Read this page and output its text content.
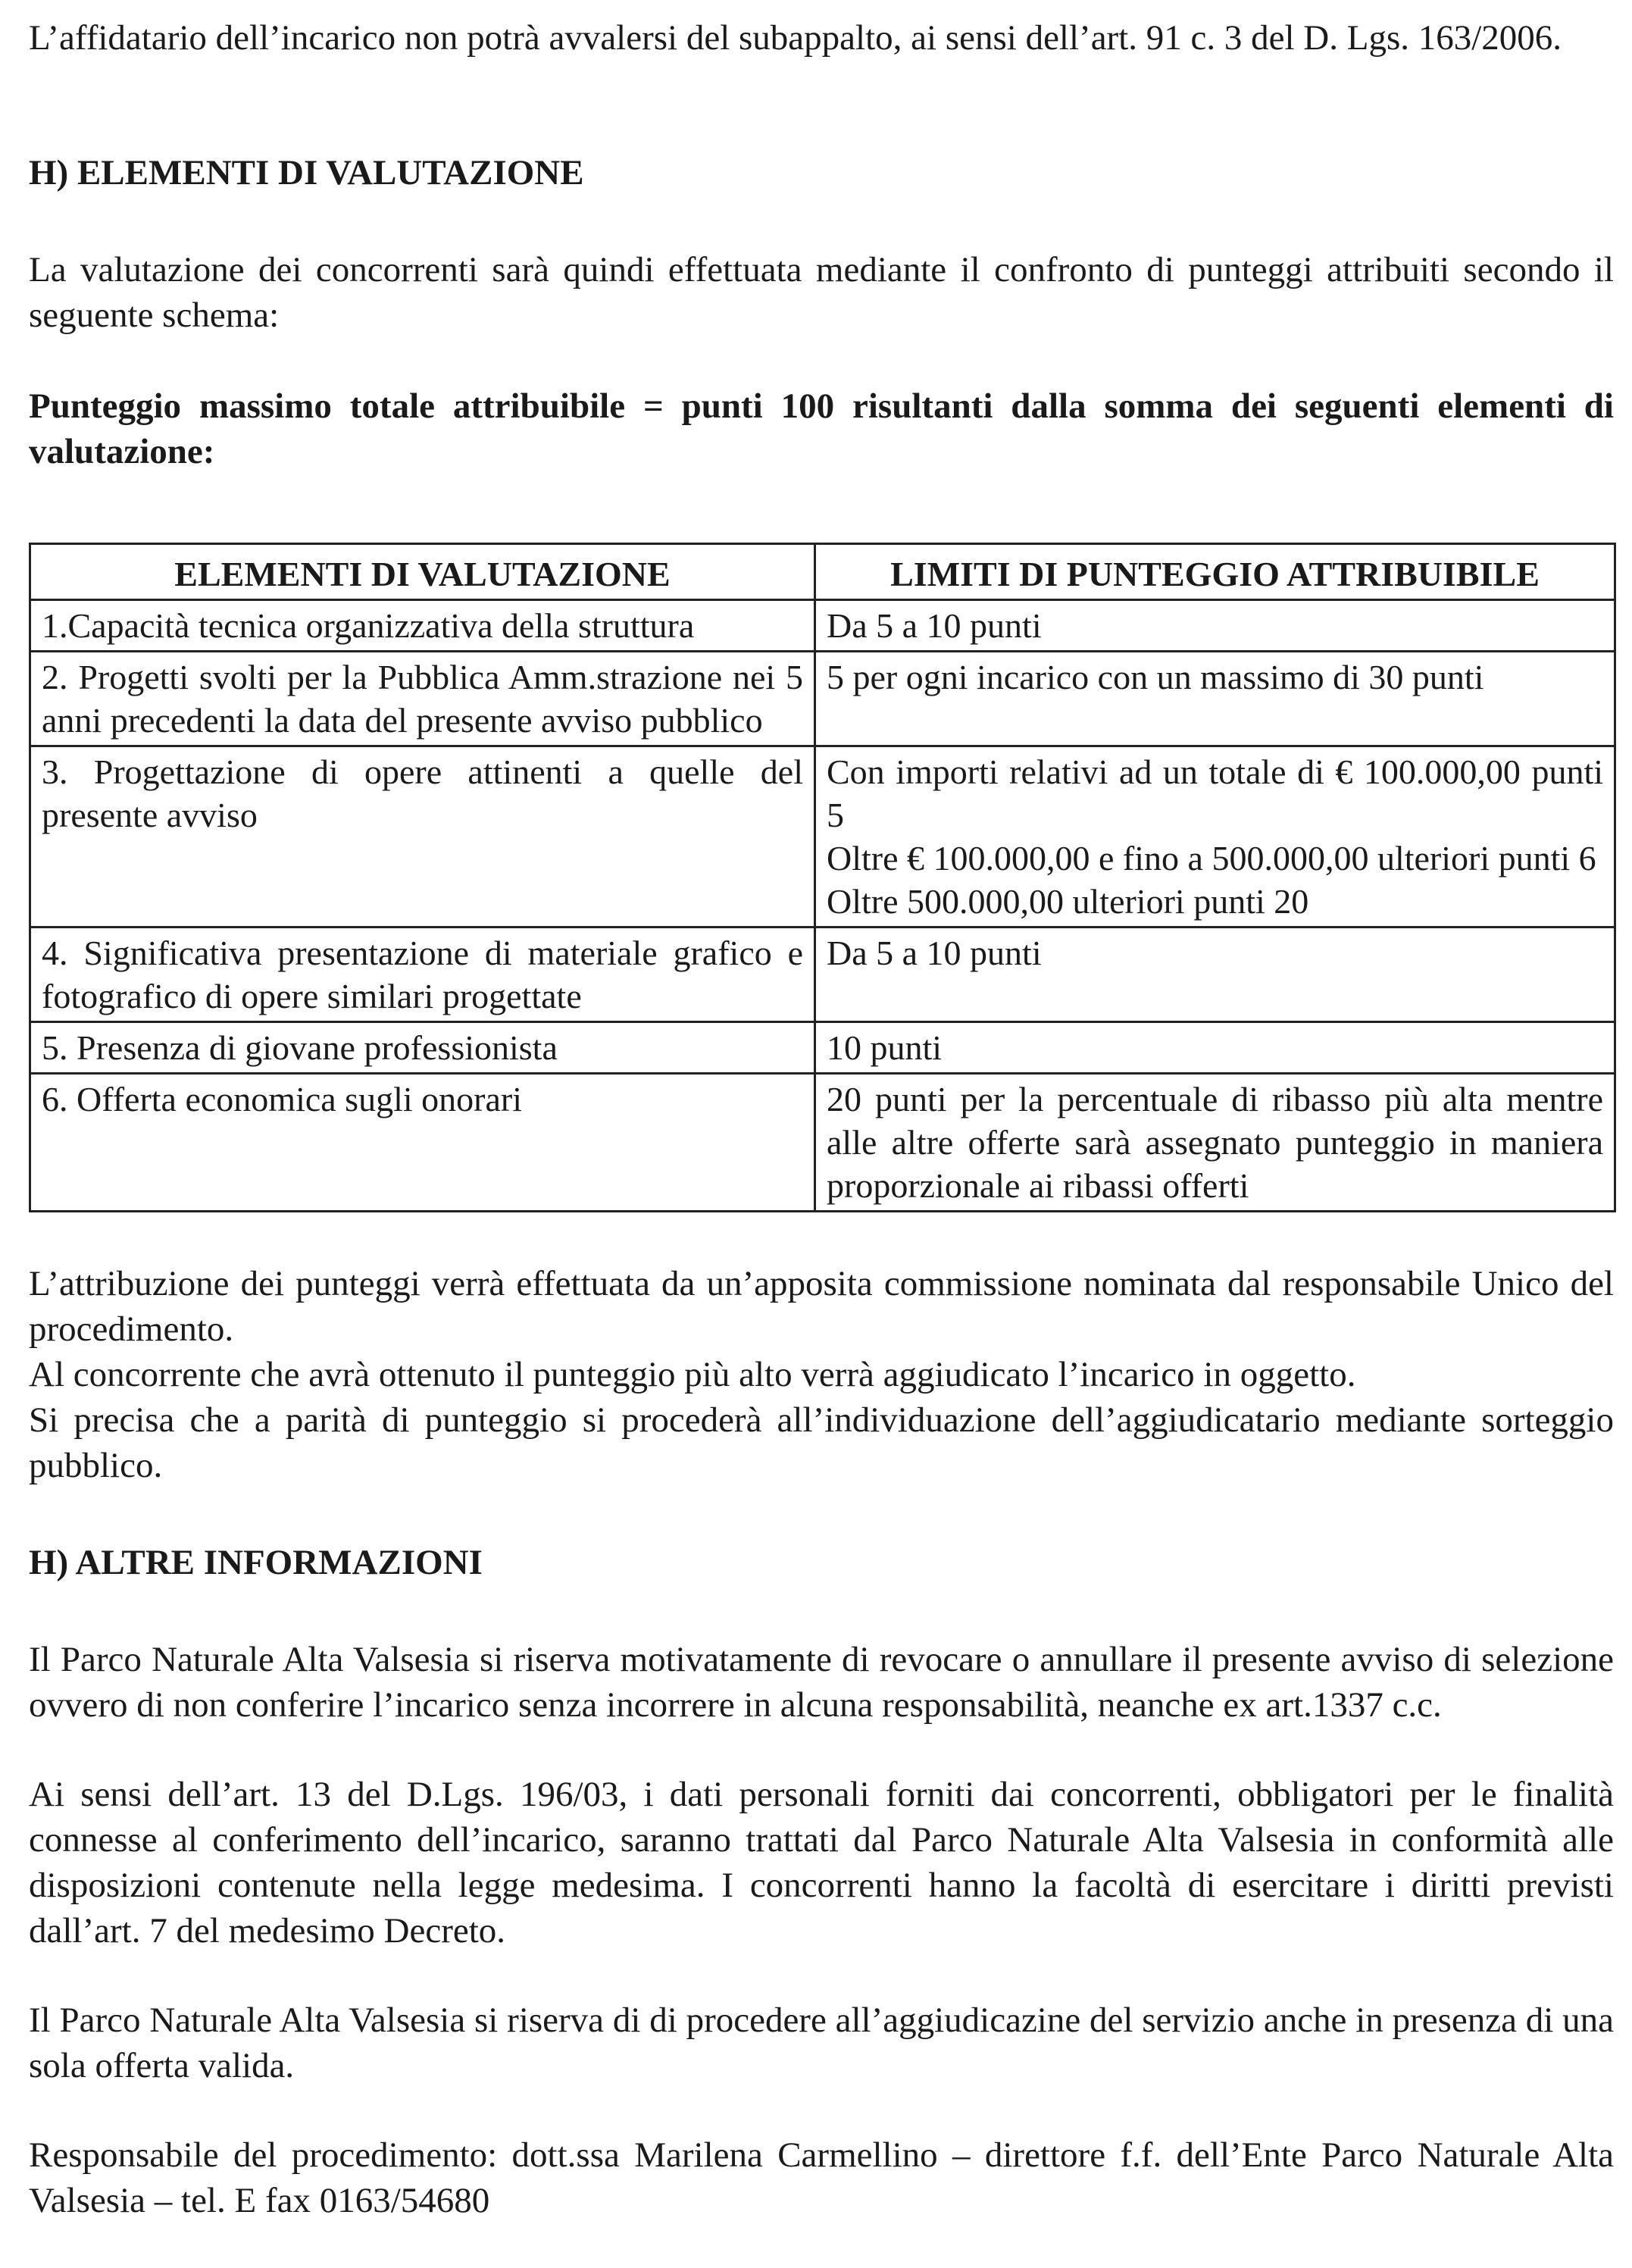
L’affidatario dell’incarico non potrà avvalersi del subappalto, ai sensi dell’art. 91 c. 3 del D. Lgs. 163/2006.

H) ELEMENTI DI VALUTAZIONE

La valutazione dei concorrenti sarà quindi effettuata mediante il confronto di punteggi attribuiti secondo il seguente schema:

Punteggio massimo totale attribuibile = punti 100 risultanti dalla somma dei seguenti elementi di valutazione:

ELEMENTI DI VALUTAZIONE	LIMITI DI PUNTEGGIO ATTRIBUIBILE
1.Capacità tecnica organizzativa della struttura	Da 5 a 10 punti

2. Progetti svolti per la Pubblica Amm.strazione nei 5 anni precedenti la data del presente avviso pubblico	5 per ogni incarico con un massimo di 30 punti

3. Progettazione di opere attinenti a quelle del presente avviso	Con importi relativi ad un totale di € 100.000,00 punti 5
Oltre € 100.000,00 e fino a 500.000,00 ulteriori punti 6
Oltre 500.000,00 ulteriori punti 20

4. Significativa presentazione di materiale grafico e fotografico di opere similari progettate	Da 5 a 10 punti

5. Presenza di giovane professionista	10 punti

6. Offerta economica sugli onorari	20 punti per la percentuale di ribasso più alta mentre alle altre offerte sarà assegnato punteggio in maniera proporzionale ai ribassi offerti

L’attribuzione dei punteggi verrà effettuata da un’apposita commissione nominata dal responsabile Unico del procedimento.

Al concorrente che avrà ottenuto il punteggio più alto verrà aggiudicato l’incarico in oggetto.

Si precisa che a parità di punteggio si procederà all’individuazione dell’aggiudicatario mediante sorteggio pubblico.

H) ALTRE INFORMAZIONI

Il Parco Naturale Alta Valsesia si riserva motivatamente di revocare o annullare il presente avviso di selezione ovvero di non conferire l’incarico senza incorrere in alcuna responsabilità, neanche ex art.1337 c.c.

Ai sensi dell’art. 13 del D.Lgs. 196/03, i dati personali forniti dai concorrenti, obbligatori per le finalità connesse al conferimento dell’incarico, saranno trattati dal Parco Naturale Alta Valsesia in conformità alle disposizioni contenute nella legge medesima. I concorrenti hanno la facoltà di esercitare i diritti previsti dall’art. 7 del medesimo Decreto.

Il Parco Naturale Alta Valsesia si riserva di di procedere all’aggiudicazine del servizio anche in presenza di una sola offerta valida.

Responsabile del procedimento: dott.ssa Marilena Carmellino – direttore f.f. dell’Ente Parco Naturale Alta Valsesia – tel. E fax 0163/54680
